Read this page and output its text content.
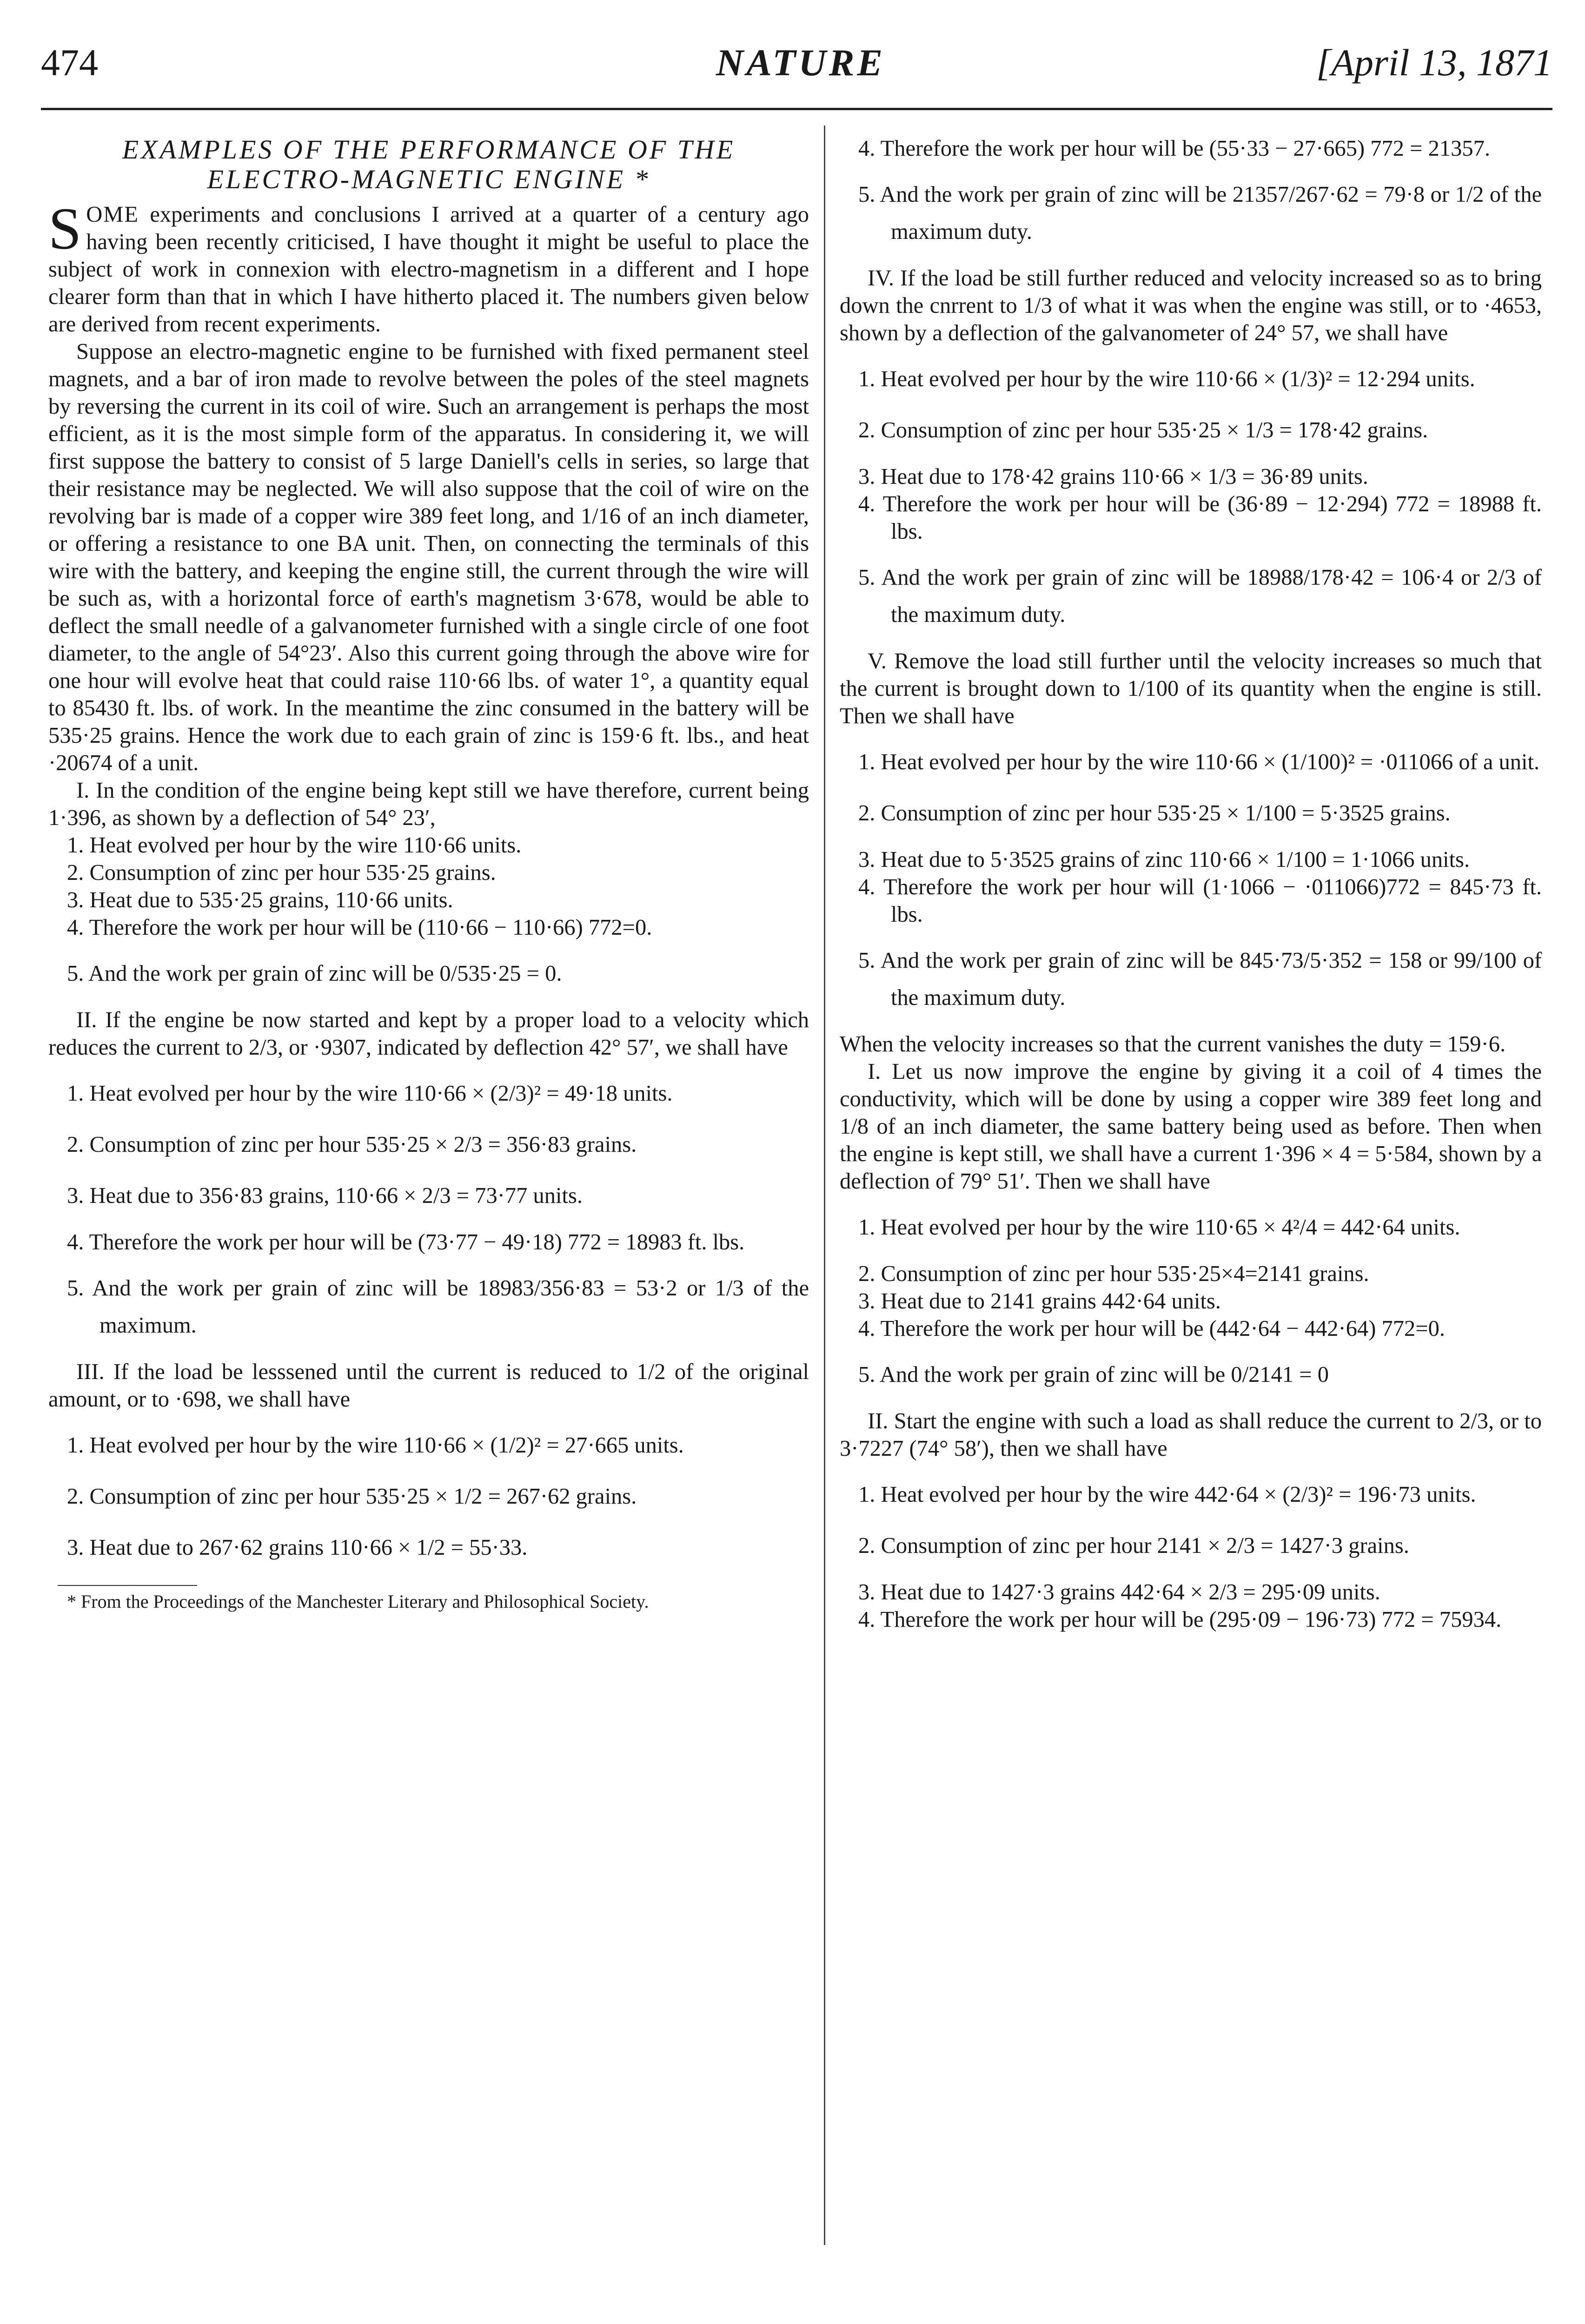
474	NATURE	[April 13, 1871
EXAMPLES OF THE PERFORMANCE OF THE ELECTRO-MAGNETIC ENGINE *

SOME experiments and conclusions I arrived at a quarter of a century ago having been recently criticised, I have thought it might be useful to place the subject of work in connexion with electro-magnetism in a different and I hope clearer form than that in which I have hitherto placed it. The numbers given below are derived from recent experiments.

Suppose an electro-magnetic engine to be furnished with fixed permanent steel magnets, and a bar of iron made to revolve between the poles of the steel magnets by reversing the current in its coil of wire. Such an arrangement is perhaps the most efficient, as it is the most simple form of the apparatus. In considering it, we will first suppose the battery to consist of 5 large Daniell's cells in series, so large that their resistance may be neglected. We will also suppose that the coil of wire on the revolving bar is made of a copper wire 389 feet long, and 1/16 of an inch diameter, or offering a resistance to one BA unit. Then, on connecting the terminals of this wire with the battery, and keeping the engine still, the current through the wire will be such as, with a horizontal force of earth's magnetism 3·678, would be able to deflect the small needle of a galvanometer furnished with a single circle of one foot diameter, to the angle of 54°23′. Also this current going through the above wire for one hour will evolve heat that could raise 110·66 lbs. of water 1°, a quantity equal to 85430 ft. lbs. of work. In the meantime the zinc consumed in the battery will be 535·25 grains. Hence the work due to each grain of zinc is 159·6 ft. lbs., and heat ·20674 of a unit.

I. In the condition of the engine being kept still we have therefore, current being 1·396, as shown by a deflection of 54° 23′,

1. Heat evolved per hour by the wire 110·66 units.

2. Consumption of zinc per hour 535·25 grains.

3. Heat due to 535·25 grains, 110·66 units.

4. Therefore the work per hour will be (110·66 − 110·66) 772=0.

5. And the work per grain of zinc will be 0/535·25 = 0.

II. If the engine be now started and kept by a proper load to a velocity which reduces the current to 2/3, or ·9307, indicated by deflection 42° 57′, we shall have

1. Heat evolved per hour by the wire 110·66 × (2/3)² = 49·18 units.

2. Consumption of zinc per hour 535·25 × 2/3 = 356·83 grains.

3. Heat due to 356·83 grains, 110·66 × 2/3 = 73·77 units.

4. Therefore the work per hour will be (73·77 − 49·18) 772 = 18983 ft. lbs.

5. And the work per grain of zinc will be 18983/356·83 = 53·2 or 1/3 of the maximum.

III. If the load be lesssened until the current is reduced to 1/2 of the original amount, or to ·698, we shall have

1. Heat evolved per hour by the wire 110·66 × (1/2)² = 27·665 units.

2. Consumption of zinc per hour 535·25 × 1/2 = 267·62 grains.

3. Heat due to 267·62 grains 110·66 × 1/2 = 55·33.

* From the Proceedings of the Manchester Literary and Philosophical Society.

4. Therefore the work per hour will be (55·33 − 27·665) 772 = 21357.

5. And the work per grain of zinc will be 21357/267·62 = 79·8 or 1/2 of the maximum duty.

IV. If the load be still further reduced and velocity increased so as to bring down the cnrrent to 1/3 of what it was when the engine was still, or to ·4653, shown by a deflection of the galvanometer of 24° 57, we shall have

1. Heat evolved per hour by the wire 110·66 × (1/3)² = 12·294 units.

2. Consumption of zinc per hour 535·25 × 1/3 = 178·42 grains.

3. Heat due to 178·42 grains 110·66 × 1/3 = 36·89 units.

4. Therefore the work per hour will be (36·89 − 12·294) 772 = 18988 ft. lbs.

5. And the work per grain of zinc will be 18988/178·42 = 106·4 or 2/3 of the maximum duty.

V. Remove the load still further until the velocity increases so much that the current is brought down to 1/100 of its quantity when the engine is still. Then we shall have

1. Heat evolved per hour by the wire 110·66 × (1/100)² = ·011066 of a unit.

2. Consumption of zinc per hour 535·25 × 1/100 = 5·3525 grains.

3. Heat due to 5·3525 grains of zinc 110·66 × 1/100 = 1·1066 units.

4. Therefore the work per hour will (1·1066 − ·011066)772 = 845·73 ft. lbs.

5. And the work per grain of zinc will be 845·73/5·352 = 158 or 99/100 of the maximum duty.

When the velocity increases so that the current vanishes the duty = 159·6.

I. Let us now improve the engine by giving it a coil of 4 times the conductivity, which will be done by using a copper wire 389 feet long and 1/8 of an inch diameter, the same battery being used as before. Then when the engine is kept still, we shall have a current 1·396 × 4 = 5·584, shown by a deflection of 79° 51′. Then we shall have

1. Heat evolved per hour by the wire 110·65 × 4²/4 = 442·64 units.

2. Consumption of zinc per hour 535·25×4=2141 grains.

3. Heat due to 2141 grains 442·64 units.

4. Therefore the work per hour will be (442·64 − 442·64) 772=0.

5. And the work per grain of zinc will be 0/2141 = 0

II. Start the engine with such a load as shall reduce the current to 2/3, or to 3·7227 (74° 58′), then we shall have

1. Heat evolved per hour by the wire 442·64 × (2/3)² = 196·73 units.

2. Consumption of zinc per hour 2141 × 2/3 = 1427·3 grains.

3. Heat due to 1427·3 grains 442·64 × 2/3 = 295·09 units.

4. Therefore the work per hour will be (295·09 − 196·73) 772 = 75934.
